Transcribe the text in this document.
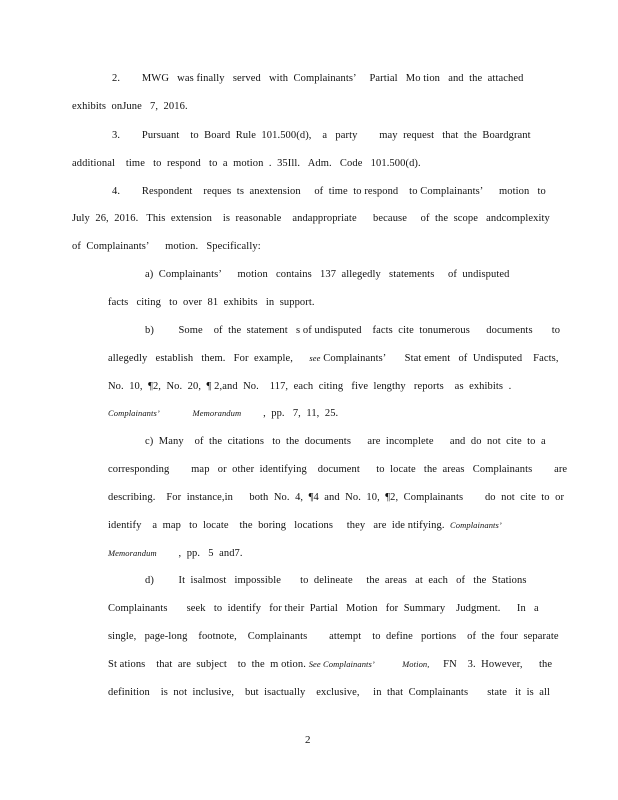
2.        MWG   was finally   served   with  Complainants’     Partial   Mo tion   and  the  attached
exhibits  onJune   7,  2016.
3.        Pursuant    to  Board  Rule  101.500(d),    a   party        may  request   that  the  Boardgrant
additional    time   to  respond   to  a  motion  .  35Ill.   Adm.   Code   101.500(d).
4.        Respondent    reques  ts  anextension     of  time  to respond    to Complainants’      motion   to
July  26,  2016.   This  extension    is  reasonable    andappropriate      because     of  the  scope   andcomplexity
of  Complainants’      motion.   Specifically:
a)  Complainants’      motion   contains   137  allegedly   statements     of  undisputed
facts   citing   to  over  81  exhibits   in  support.
b)         Some    of  the  statement   s of undisputed    facts  cite  tonumerous      documents       to
allegedly   establish   them.   For  example, see Complainants’       Stat ement   of  Undisputed    Facts,
No.  10,  ¶2,  No.  20,  ¶ 2,and  No.    117,  each  citing   five  lengthy   reports    as  exhibits  .
Complainants’	Memorandum ,  pp.   7,  11,  25.
c)  Many    of  the  citations   to  the  documents      are  incomplete      and  do  not  cite  to  a
corresponding        map   or  other  identifying    document      to  locate   the  areas   Complainants        are
describing.    For  instance,in      both  No.  4,  ¶4  and  No.  10,  ¶2,  Complainants        do  not  cite  to  or
identify    a  map   to  locate    the  boring   locations     they   are  ide ntifying. Complainants’
Memorandum ,  pp.   5  and7.
d)         It  isalmost   impossible       to  delineate     the  areas   at  each   of   the  Stations
Complainants       seek   to  identify   for their  Partial   Motion   for  Summary    Judgment.      In   a
single,   page-long    footnote,    Complainants        attempt    to  define   portions    of  the  four  separate
St ations    that  are  subject    to  the  m otion. See Complainants’	Motion, FN    3.  However,      the
definition    is  not  inclusive,    but  isactually    exclusive,     in  that  Complainants       state   it  is  all
2
